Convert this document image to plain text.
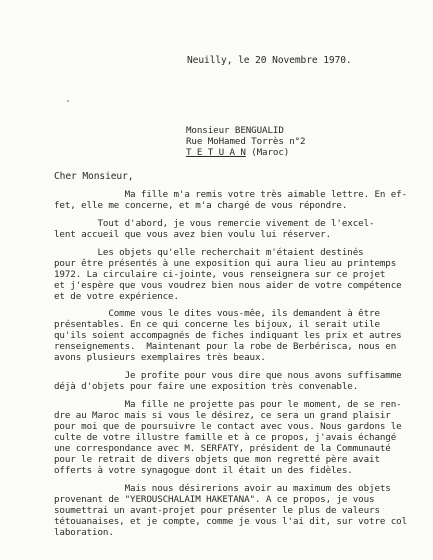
Neuilly, le 20 Novembre 1970.
Monsieur BENGUALID
Rue MoHamed Torrès n°2
T E T U A N (Maroc)
Cher Monsieur,
Ma fille m'a remis votre très aimable lettre. En ef-
fet, elle me concerne, et m'a chargé de vous répondre.
Tout d'abord, je vous remercie vivement de l'excel-
lent accueil que vous avez bien voulu lui réserver.
Les objets qu'elle recherchait m'étaient destinés
pour être présentés à une exposition qui aura lieu au printemps
1972. La circulaire ci-jointe, vous renseignera sur ce projet
et j'espère que vous voudrez bien nous aider de votre compétence
et de votre expérience.
Comme vous le dites vous-mêe, ils demandent à être
présentables. En ce qui concerne les bijoux, il serait utile
qu'ils soient accompagnés de fiches indiquant les prix et autres
renseignements.  Maintenant pour la robe de Berbérisca, nous en
avons plusieurs exemplaires très beaux.
Je profite pour vous dire que nous avons suffisamme
déjà d'objets pour faire une exposition très convenable.
Ma fille ne projette pas pour le moment, de se ren-
dre au Maroc mais si vous le désirez, ce sera un grand plaisir
pour moi que de poursuivre le contact avec vous. Nous gardons le
culte de votre illustre famille et à ce propos, j'avais échangé
une correspondance avec M. SERFATY, président de la Communauté
pour le retrait de divers objets que mon regretté père avait
offerts à votre synagogue dont il était un des fidèles.
Mais nous désirerions avoir au maximum des objets
provenant de "YEROUSCHALAIM HAKETANA". A ce propos, je vous
soumettrai un avant-projet pour présenter le plus de valeurs
tétouanaises, et je compte, comme je vous l'ai dit, sur votre col
laboration.
